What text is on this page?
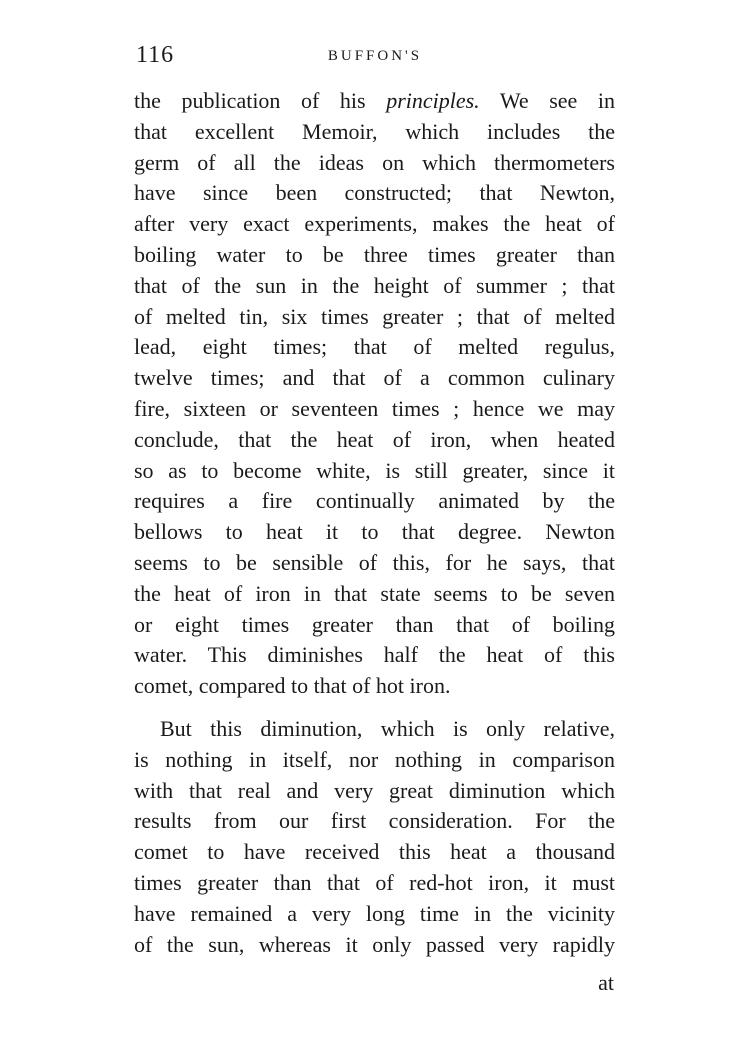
116	BUFFON'S
the publication of his principles. We see in
that excellent Memoir, which includes the
germ of all the ideas on which thermometers
have since been constructed; that Newton,
after very exact experiments, makes the heat of
boiling water to be three times greater than
that of the sun in the height of summer ; that
of melted tin, six times greater ; that of melted
lead, eight times; that of melted regulus,
twelve times; and that of a common culinary
fire, sixteen or seventeen times ; hence we may
conclude, that the heat of iron, when heated
so as to become white, is still greater, since it
requires a fire continually animated by the
bellows to heat it to that degree. Newton
seems to be sensible of this, for he says, that
the heat of iron in that state seems to be seven
or eight times greater than that of boiling
water. This diminishes half the heat of this
comet, compared to that of hot iron.
But this diminution, which is only relative,
is nothing in itself, nor nothing in comparison
with that real and very great diminution which
results from our first consideration. For the
comet to have received this heat a thousand
times greater than that of red-hot iron, it must
have remained a very long time in the vicinity
of the sun, whereas it only passed very rapidly
at
